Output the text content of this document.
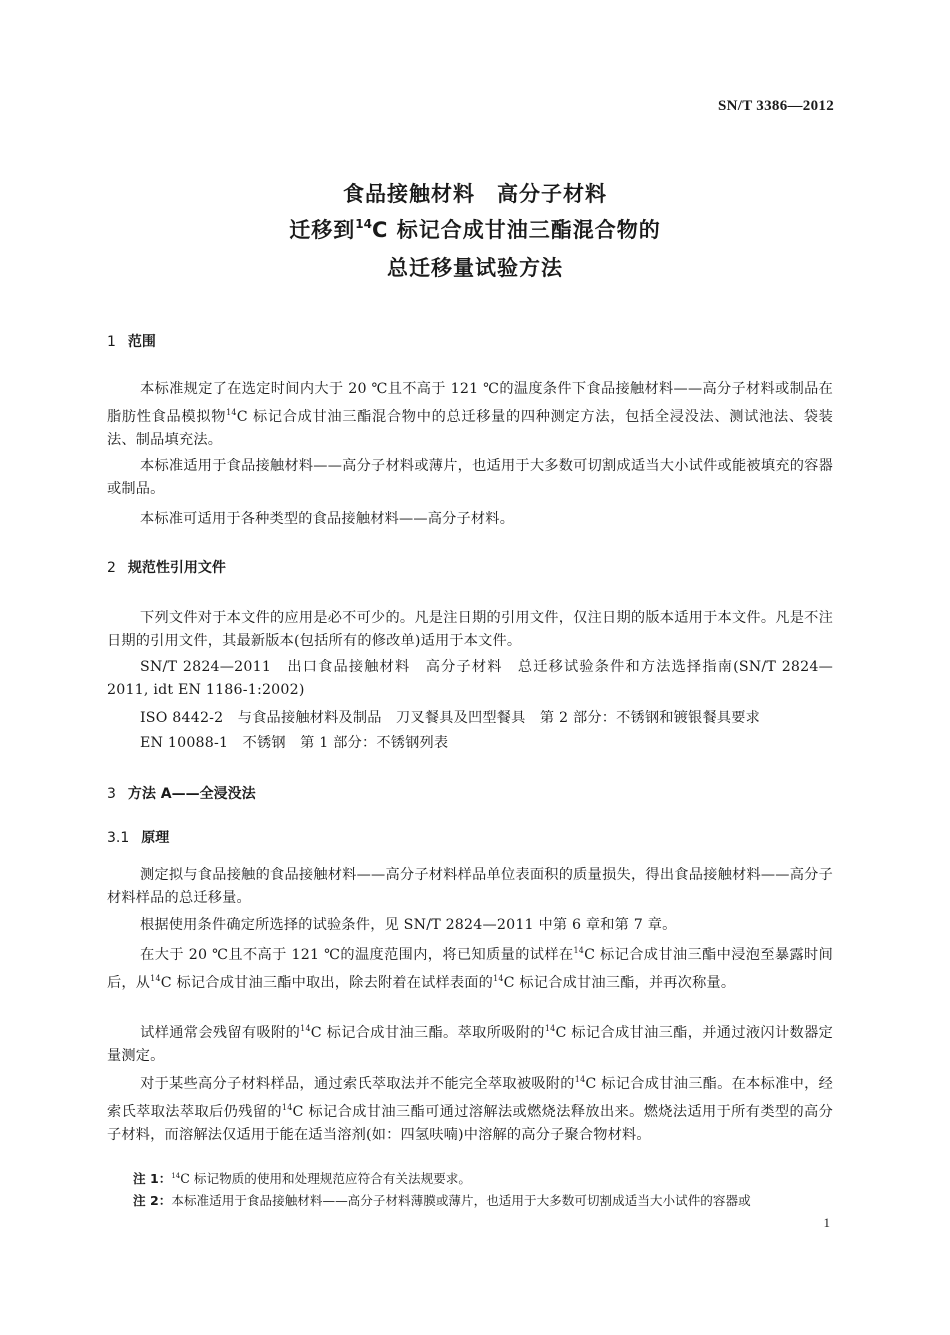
SN/T 3386—2012
食品接触材料　高分子材料
迁移到$^{14}$C 标记合成甘油三酯混合物的
总迁移量试验方法
1 范围
本标准规定了在选定时间内大于 20 ℃且不高于 121 ℃的温度条件下食品接触材料——高分子材料或制品在脂肪性食品模拟物$^{14}$C 标记合成甘油三酯混合物中的总迁移量的四种测定方法，包括全浸没法、测试池法、袋装法、制品填充法。
本标准适用于食品接触材料——高分子材料或薄片，也适用于大多数可切割成适当大小试件或能被填充的容器或制品。
本标准可适用于各种类型的食品接触材料——高分子材料。
2 规范性引用文件
下列文件对于本文件的应用是必不可少的。凡是注日期的引用文件，仅注日期的版本适用于本文件。凡是不注日期的引用文件，其最新版本(包括所有的修改单)适用于本文件。
SN/T 2824—2011　出口食品接触材料　高分子材料　总迁移试验条件和方法选择指南(SN/T 2824—2011, idt EN 1186-1:2002)
ISO 8442-2　与食品接触材料及制品　刀叉餐具及凹型餐具　第 2 部分：不锈钢和镀银餐具要求
EN 10088-1　不锈钢　第 1 部分：不锈钢列表
3 方法 A——全浸没法
3.1 原理
测定拟与食品接触的食品接触材料——高分子材料样品单位表面积的质量损失，得出食品接触材料——高分子材料样品的总迁移量。
根据使用条件确定所选择的试验条件，见 SN/T 2824—2011 中第 6 章和第 7 章。
在大于 20 ℃且不高于 121 ℃的温度范围内，将已知质量的试样在$^{14}$C 标记合成甘油三酯中浸泡至暴露时间后，从$^{14}$C 标记合成甘油三酯中取出，除去附着在试样表面的$^{14}$C 标记合成甘油三酯，并再次称量。
试样通常会残留有吸附的$^{14}$C 标记合成甘油三酯。萃取所吸附的$^{14}$C 标记合成甘油三酯，并通过液闪计数器定量测定。
对于某些高分子材料样品，通过索氏萃取法并不能完全萃取被吸附的$^{14}$C 标记合成甘油三酯。在本标准中，经索氏萃取法萃取后仍残留的$^{14}$C 标记合成甘油三酯可通过溶解法或燃烧法释放出来。燃烧法适用于所有类型的高分子材料，而溶解法仅适用于能在适当溶剂(如：四氢呋喃)中溶解的高分子聚合物材料。
注 1：$^{14}$C 标记物质的使用和处理规范应符合有关法规要求。
注 2：本标准适用于食品接触材料——高分子材料薄膜或薄片，也适用于大多数可切割成适当大小试件的容器或
1
